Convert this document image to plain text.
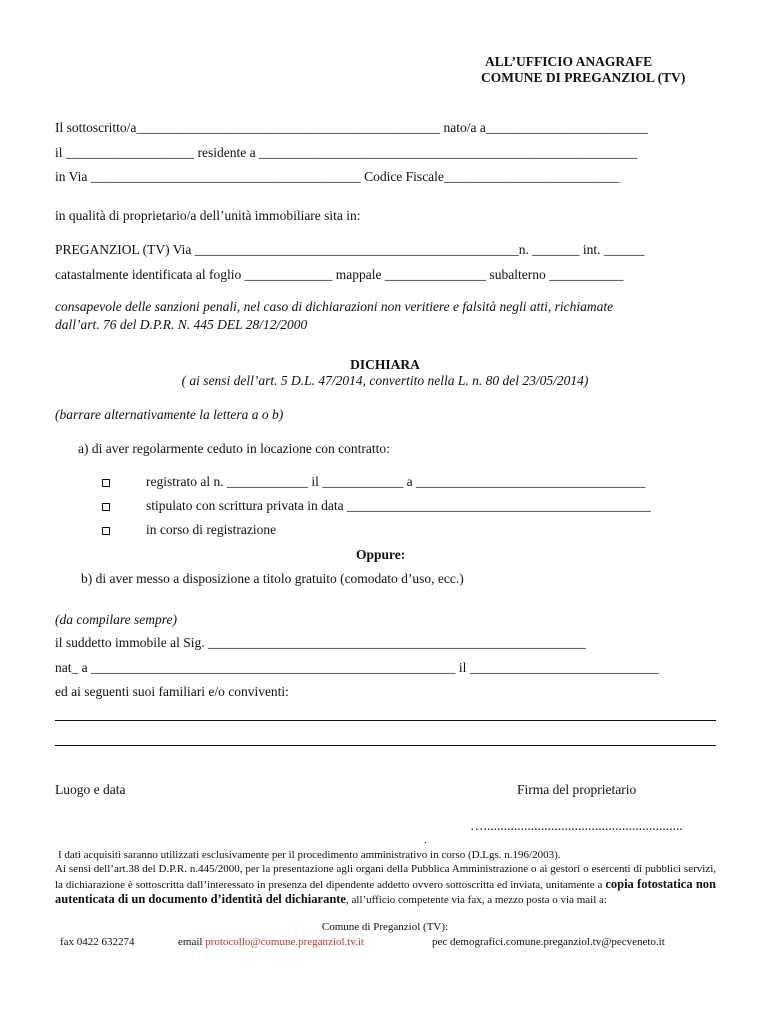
ALL’UFFICIO ANAGRAFE
COMUNE DI PREGANZIOL (TV)
Il sottoscritto/a_____________________________________________ nato/a a________________________
il ___________________ residente a ________________________________________________________
in Via ________________________________________ Codice Fiscale__________________________
in qualità di proprietario/a dell’unità immobiliare sita in:
PREGANZIOL (TV) Via ________________________________________________n. _______ int. ______
catastalmente identificata al foglio _____________ mappale _______________ subalterno ___________
consapevole delle sanzioni penali, nel caso di dichiarazioni non veritiere e falsità negli atti, richiamate
dall’art. 76 del D.P.R. N. 445 DEL 28/12/2000
DICHIARA
( ai sensi dell’art. 5 D.L. 47/2014, convertito nella L. n. 80 del 23/05/2014)
(barrare alternativamente la lettera a o b)
a) di aver regolarmente ceduto in locazione con contratto:
registrato al n. ____________ il ____________ a __________________________________
stipulato con scrittura privata in data _____________________________________________
in corso di registrazione
Oppure:
b) di aver messo a disposizione a titolo gratuito (comodato d’uso, ecc.)
(da compilare sempre)
il suddetto immobile al Sig. ________________________________________________________
nat_ a ______________________________________________________ il ____________________________
ed ai seguenti suoi familiari e/o conviventi:
Luogo e data	Firma del proprietario
…...........................................................
.
I dati acquisiti saranno utilizzati esclusivamente per il procedimento amministrativo in corso (D.Lgs. n.196/2003).
Ai sensi dell’art.38 del D.P.R. n.445/2000, per la presentazione agli organi della Pubblica Amministrazione o ai gestori o esercenti di pubblici servizi, la dichiarazione è sottoscritta dall’interessato in presenza del dipendente addetto ovvero sottoscritta ed inviata, unitamente a copia fotostatica non autenticata di un documento d’identità del dichiarante, all’ufficio competente via fax, a mezzo posta o via mail a:
Comune di Preganziol (TV):
fax 0422 632274	email protocollo@comune.preganziol.tv.it	pec demografici.comune.preganziol.tv@pecveneto.it
